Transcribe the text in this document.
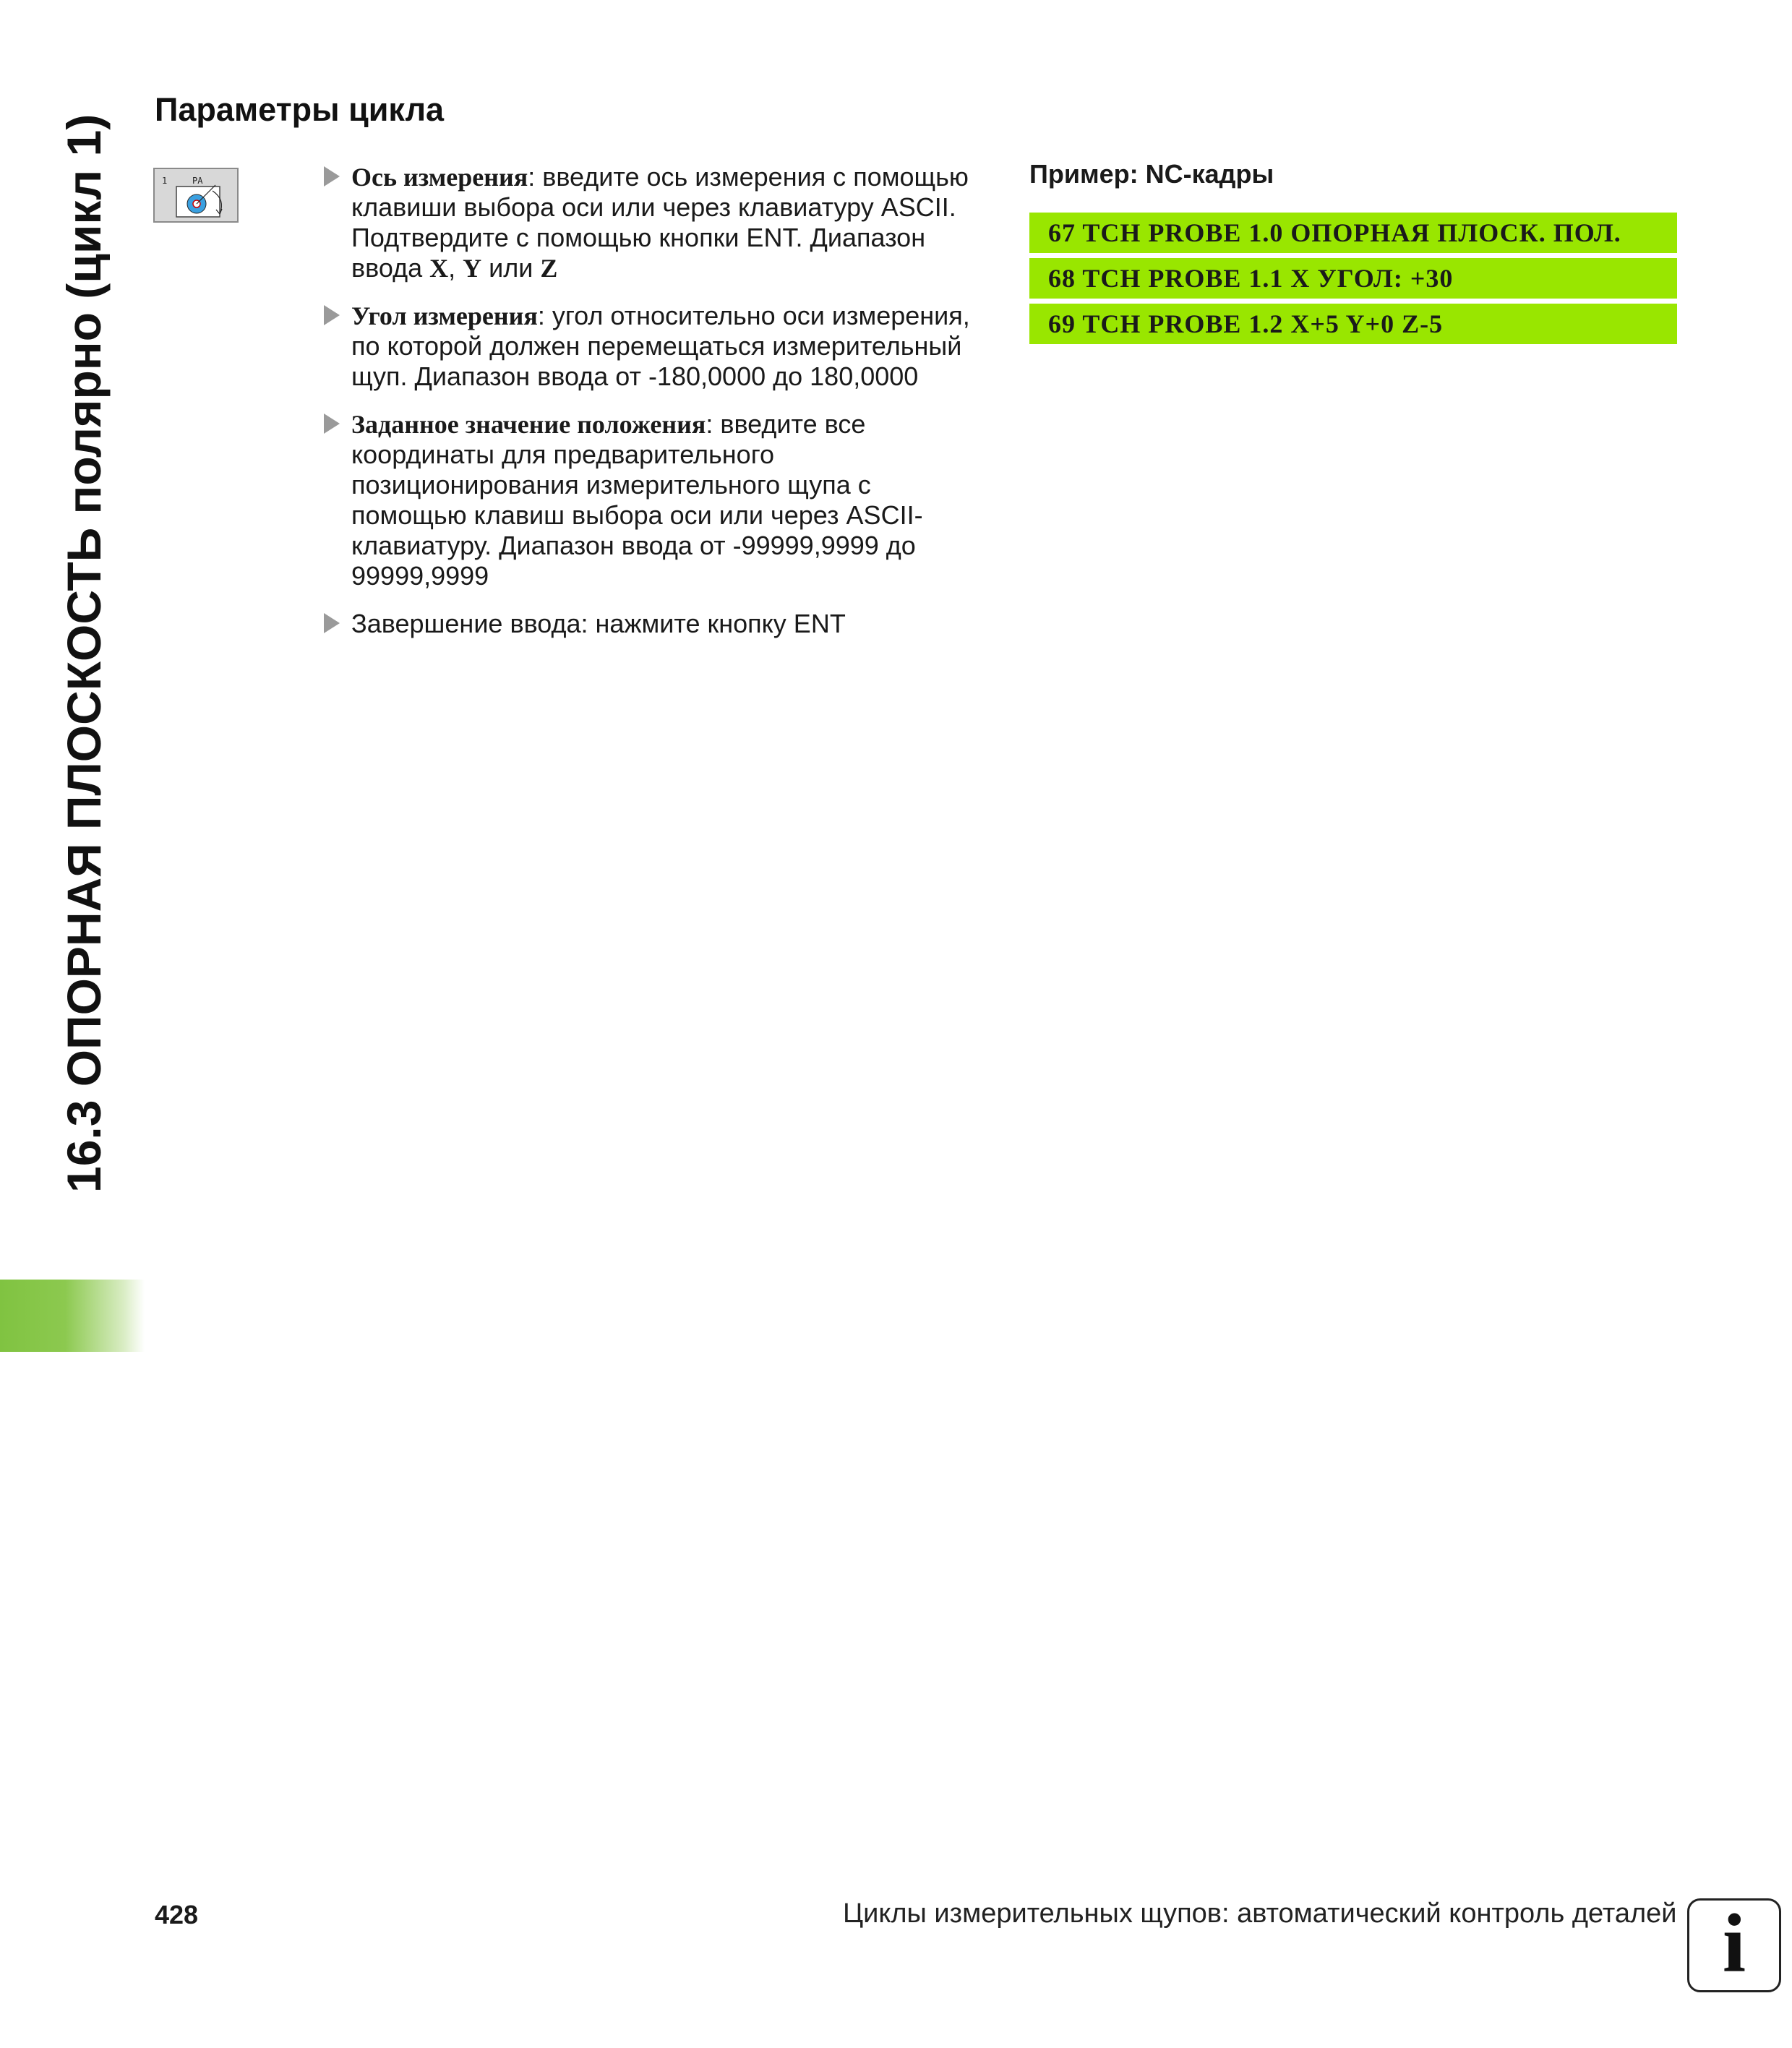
16.3 ОПОРНАЯ ПЛОСКОСТЬ полярно (цикл 1)
Параметры цикла
1	PA	Ось измерения: введите ось измерения с помощью клавиши выбора оси или через клавиатуру ASCII. Подтвердите с помощью кнопки ENT. Диапазон ввода X, Y или Z
Угол измерения: угол относительно оси измерения, по которой должен перемещаться измерительный щуп. Диапазон ввода от -180,0000 до 180,0000
Заданное значение положения: введите все координаты для предварительного позиционирования измерительного щупа с помощью клавиш выбора оси или через ASCII-клавиатуру. Диапазон ввода от -99999,9999 до 99999,9999
Завершение ввода: нажмите кнопку ENT
Пример: NC-кадры
67 TCH PROBE 1.0 ОПОРНАЯ ПЛОСК. ПОЛ.
68 TCH PROBE 1.1 X УГОЛ: +30
69 TCH PROBE 1.2 X+5 Y+0 Z-5
428	Циклы измерительных щупов: автоматический контроль деталей i
